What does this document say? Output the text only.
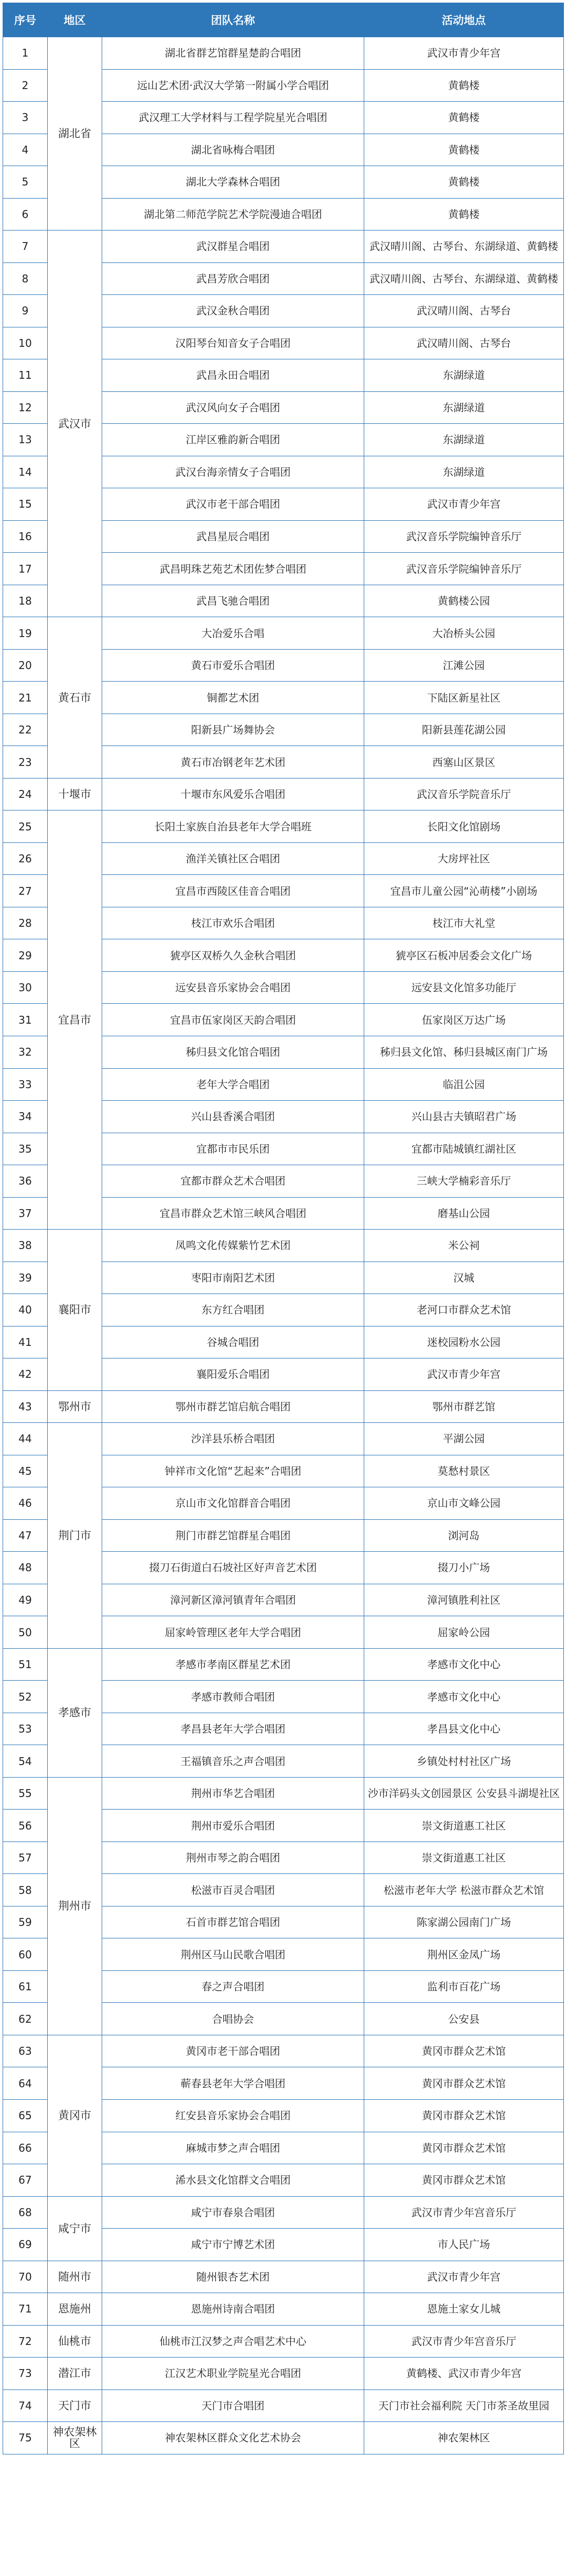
序号	地区	团队名称	活动地点
1	湖北省	湖北省群艺馆群星楚韵合唱团	武汉市青少年宫
2		远山艺术团·武汉大学第一附属小学合唱团	黄鹤楼
3		武汉理工大学材料与工程学院星光合唱团	黄鹤楼
4		湖北省咏梅合唱团	黄鹤楼
5		湖北大学森林合唱团	黄鹤楼
6		湖北第二师范学院艺术学院漫迪合唱团	黄鹤楼
7	武汉市	武汉群星合唱团	武汉晴川阁、古琴台、东湖绿道、黄鹤楼
8		武昌芳欣合唱团	武汉晴川阁、古琴台、东湖绿道、黄鹤楼
9		武汉金秋合唱团	武汉晴川阁、古琴台
10		汉阳琴台知音女子合唱团	武汉晴川阁、古琴台
11		武昌永田合唱团	东湖绿道
12		武汉风向女子合唱团	东湖绿道
13		江岸区雅韵新合唱团	东湖绿道
14		武汉台海亲情女子合唱团	东湖绿道
15		武汉市老干部合唱团	武汉市青少年宫
16		武昌星辰合唱团	武汉音乐学院编钟音乐厅
17		武昌明珠艺苑艺术团佐梦合唱团	武汉音乐学院编钟音乐厅
18		武昌飞驰合唱团	黄鹤楼公园
19	黄石市	大冶爱乐合唱	大冶桥头公园
20		黄石市爱乐合唱团	江滩公园
21		铜都艺术团	下陆区新星社区
22		阳新县广场舞协会	阳新县莲花湖公园
23		黄石市冶钢老年艺术团	西塞山区景区
24	十堰市	十堰市东风爱乐合唱团	武汉音乐学院音乐厅
25	宜昌市	长阳土家族自治县老年大学合唱班	长阳文化馆剧场
26		渔洋关镇社区合唱团	大房坪社区
27		宜昌市西陵区佳音合唱团	宜昌市儿童公园“沁萌楼”小剧场
28		枝江市欢乐合唱团	枝江市大礼堂
29		猇亭区双桥久久金秋合唱团	猇亭区石板冲居委会文化广场
30		远安县音乐家协会合唱团	远安县文化馆多功能厅
31		宜昌市伍家岗区天韵合唱团	伍家岗区万达广场
32		秭归县文化馆合唱团	秭归县文化馆、秭归县城区南门广场
33		老年大学合唱团	临沮公园
34		兴山县香溪合唱团	兴山县古夫镇昭君广场
35		宜都市市民乐团	宜都市陆城镇红湖社区
36		宜都市群众艺术合唱团	三峡大学楠彩音乐厅
37		宜昌市群众艺术馆三峡风合唱团	磨基山公园
38	襄阳市	凤鸣文化传媒紫竹艺术团	米公祠
39		枣阳市南阳艺术团	汉城
40		东方红合唱团	老河口市群众艺术馆
41		谷城合唱团	迷校园粉水公园
42		襄阳爱乐合唱团	武汉市青少年宫
43	鄂州市	鄂州市群艺馆启航合唱团	鄂州市群艺馆
44	荆门市	沙洋县乐桥合唱团	平湖公园
45		钟祥市文化馆“艺起来”合唱团	莫愁村景区
46		京山市文化馆群音合唱团	京山市文峰公园
47		荆门市群艺馆群星合唱团	浏河岛
48		掇刀石街道白石坡社区好声音艺术团	掇刀小广场
49		漳河新区漳河镇青年合唱团	漳河镇胜利社区
50		屈家岭管理区老年大学合唱团	屈家岭公园
51	孝感市	孝感市孝南区群星艺术团	孝感市文化中心
52		孝感市教师合唱团	孝感市文化中心
53		孝昌县老年大学合唱团	孝昌县文化中心
54		王福镇音乐之声合唱团	乡镇处村村社区广场
55	荆州市	荆州市华艺合唱团	沙市洋码头文创园景区 公安县斗湖堤社区
56		荆州市爱乐合唱团	崇文街道惠工社区
57		荆州市琴之韵合唱团	崇文街道惠工社区
58		松滋市百灵合唱团	松滋市老年大学 松滋市群众艺术馆
59		石首市群艺馆合唱团	陈家湖公园南门广场
60		荆州区马山民歌合唱团	荆州区金凤广场
61		春之声合唱团	监利市百花广场
62		合唱协会	公安县
63	黄冈市	黄冈市老干部合唱团	黄冈市群众艺术馆
64		蕲春县老年大学合唱团	黄冈市群众艺术馆
65		红安县音乐家协会合唱团	黄冈市群众艺术馆
66		麻城市梦之声合唱团	黄冈市群众艺术馆
67		浠水县文化馆群文合唱团	黄冈市群众艺术馆
68	咸宁市	咸宁市春泉合唱团	武汉市青少年宫音乐厅
69		咸宁市宁博艺术团	市人民广场
70	随州市	随州银杏艺术团	武汉市青少年宫
71	恩施州	恩施州诗南合唱团	恩施土家女儿城
72	仙桃市	仙桃市江汉梦之声合唱艺术中心	武汉市青少年宫音乐厅
73	潜江市	江汉艺术职业学院星光合唱团	黄鹤楼、武汉市青少年宫
74	天门市	天门市合唱团	天门市社会福利院 天门市茶圣故里园
75	神农架林区	神农架林区群众文化艺术协会	神农架林区
